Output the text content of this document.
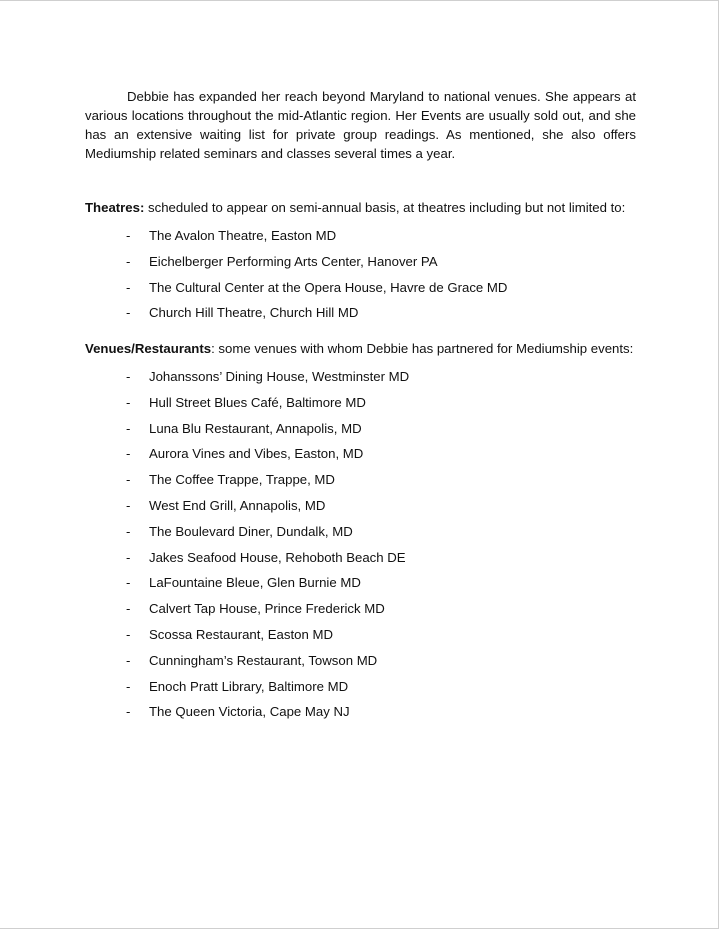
Debbie has expanded her reach beyond Maryland to national venues. She appears at various locations throughout the mid-Atlantic region. Her Events are usually sold out, and she has an extensive waiting list for private group readings. As mentioned, she also offers Mediumship related seminars and classes several times a year.

Theatres: scheduled to appear on semi-annual basis, at theatres including but not limited to:

- The Avalon Theatre, Easton MD
- Eichelberger Performing Arts Center, Hanover PA
- The Cultural Center at the Opera House, Havre de Grace MD
- Church Hill Theatre, Church Hill MD

Venues/Restaurants: some venues with whom Debbie has partnered for Mediumship events:

- Johanssons’ Dining House, Westminster MD
- Hull Street Blues Café, Baltimore MD
- Luna Blu Restaurant, Annapolis, MD
- Aurora Vines and Vibes, Easton, MD
- The Coffee Trappe, Trappe, MD
- West End Grill, Annapolis, MD
- The Boulevard Diner, Dundalk, MD
- Jakes Seafood House, Rehoboth Beach DE
- LaFountaine Bleue, Glen Burnie MD
- Calvert Tap House, Prince Frederick MD
- Scossa Restaurant, Easton MD
- Cunningham’s Restaurant, Towson MD
- Enoch Pratt Library, Baltimore MD
- The Queen Victoria, Cape May NJ
